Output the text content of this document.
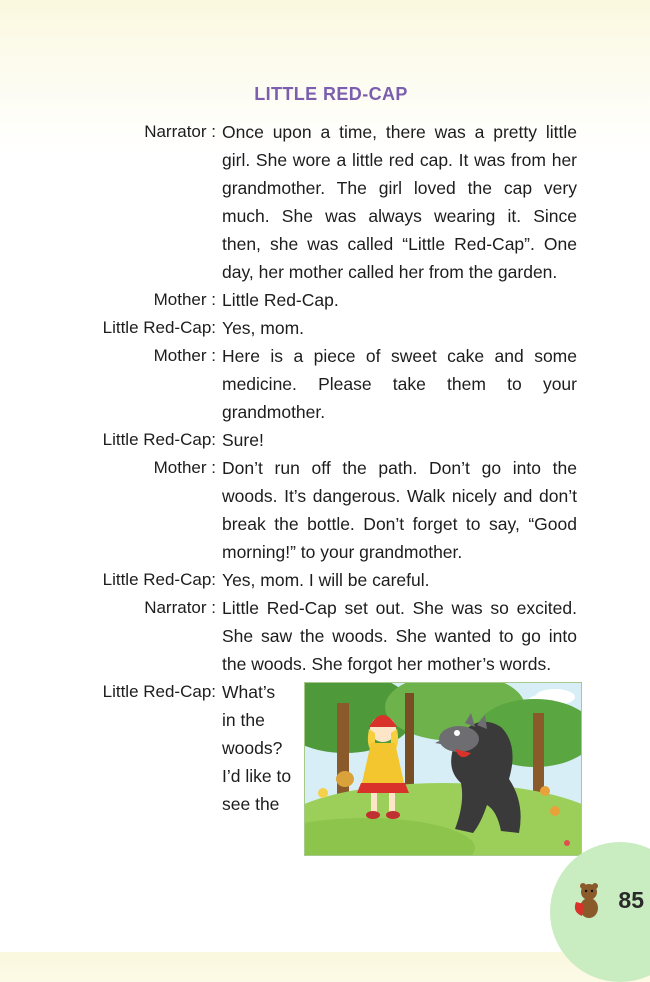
LITTLE RED-CAP
Narrator : Once upon a time, there was a pretty little girl. She wore a little red cap. It was from her grandmother. The girl loved the cap very much. She was always wearing it. Since then, she was called “Little Red-Cap”. One day, her mother called her from the garden.
Mother : Little Red-Cap.
Little Red-Cap: Yes, mom.
Mother : Here is a piece of sweet cake and some medicine. Please take them to your grandmother.
Little Red-Cap: Sure!
Mother : Don’t run off the path. Don’t go into the woods. It’s dangerous. Walk nicely and don’t break the bottle. Don’t forget to say, “Good morning!” to your grandmother.
Little Red-Cap: Yes, mom. I will be careful.
Narrator : Little Red-Cap set out. She was so excited. She saw the woods. She wanted to go into the woods. She forgot her mother’s words.
Little Red-Cap: What’s in the woods? I’d like to see the
85
